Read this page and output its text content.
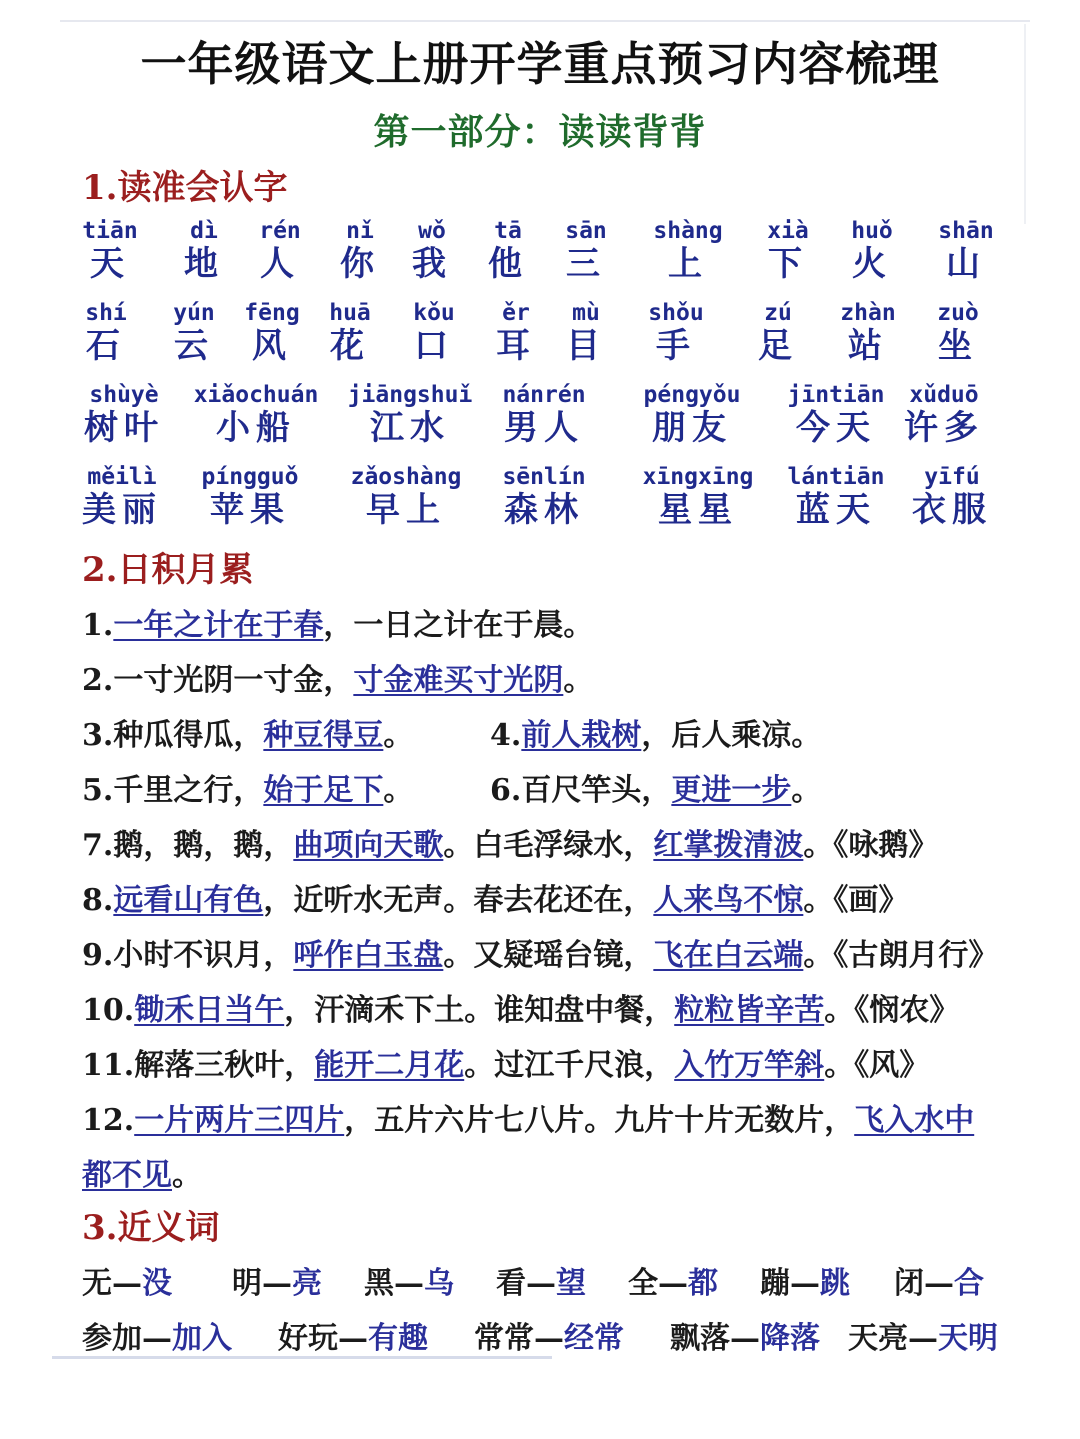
一年级语文上册开学重点预习内容梳理
第一部分：读读背背
1.读准会认字
tiān
天
dì
地
rén
人
nǐ
你
wǒ
我
tā
他
sān
三
shàng
上
xià
下
huǒ
火
shān
山
shí
石
yún
云
fēng
风
huā
花
kǒu
口
ěr
耳
mù
目
shǒu
手
zú
足
zhàn
站
zuò
坐
shùyè
树叶
xiǎochuán
小船
jiāngshuǐ
江水
nánrén
男人
péngyǒu
朋友
jīntiān
今天
xǔduō
许多
měilì
美丽
píngguǒ
苹果
zǎoshàng
早上
sēnlín
森林
xīngxīng
星星
lántiān
蓝天
yīfú
衣服
2.日积月累
1.一年之计在于春，一日之计在于晨。
2.一寸光阴一寸金，寸金难买寸光阴。
3.种瓜得瓜，种豆得豆。	4.前人栽树，后人乘凉。
5.千里之行，始于足下。	6.百尺竿头，更进一步。
7.鹅，鹅，鹅，曲项向天歌。白毛浮绿水，红掌拨清波。《咏鹅》
8.远看山有色，近听水无声。春去花还在，人来鸟不惊。《画》
9.小时不识月，呼作白玉盘。又疑瑶台镜，飞在白云端。《古朗月行》
10.锄禾日当午，汗滴禾下土。谁知盘中餐，粒粒皆辛苦。《悯农》
11.解落三秋叶，能开二月花。过江千尺浪，入竹万竿斜。《风》
12.一片两片三四片，五片六片七八片。九片十片无数片，飞入水中
都不见。
3.近义词
无—没 明—亮 黑—乌 看—望 全—都 蹦—跳 闭—合
参加—加入 好玩—有趣 常常—经常 飘落—降落 天亮—天明
